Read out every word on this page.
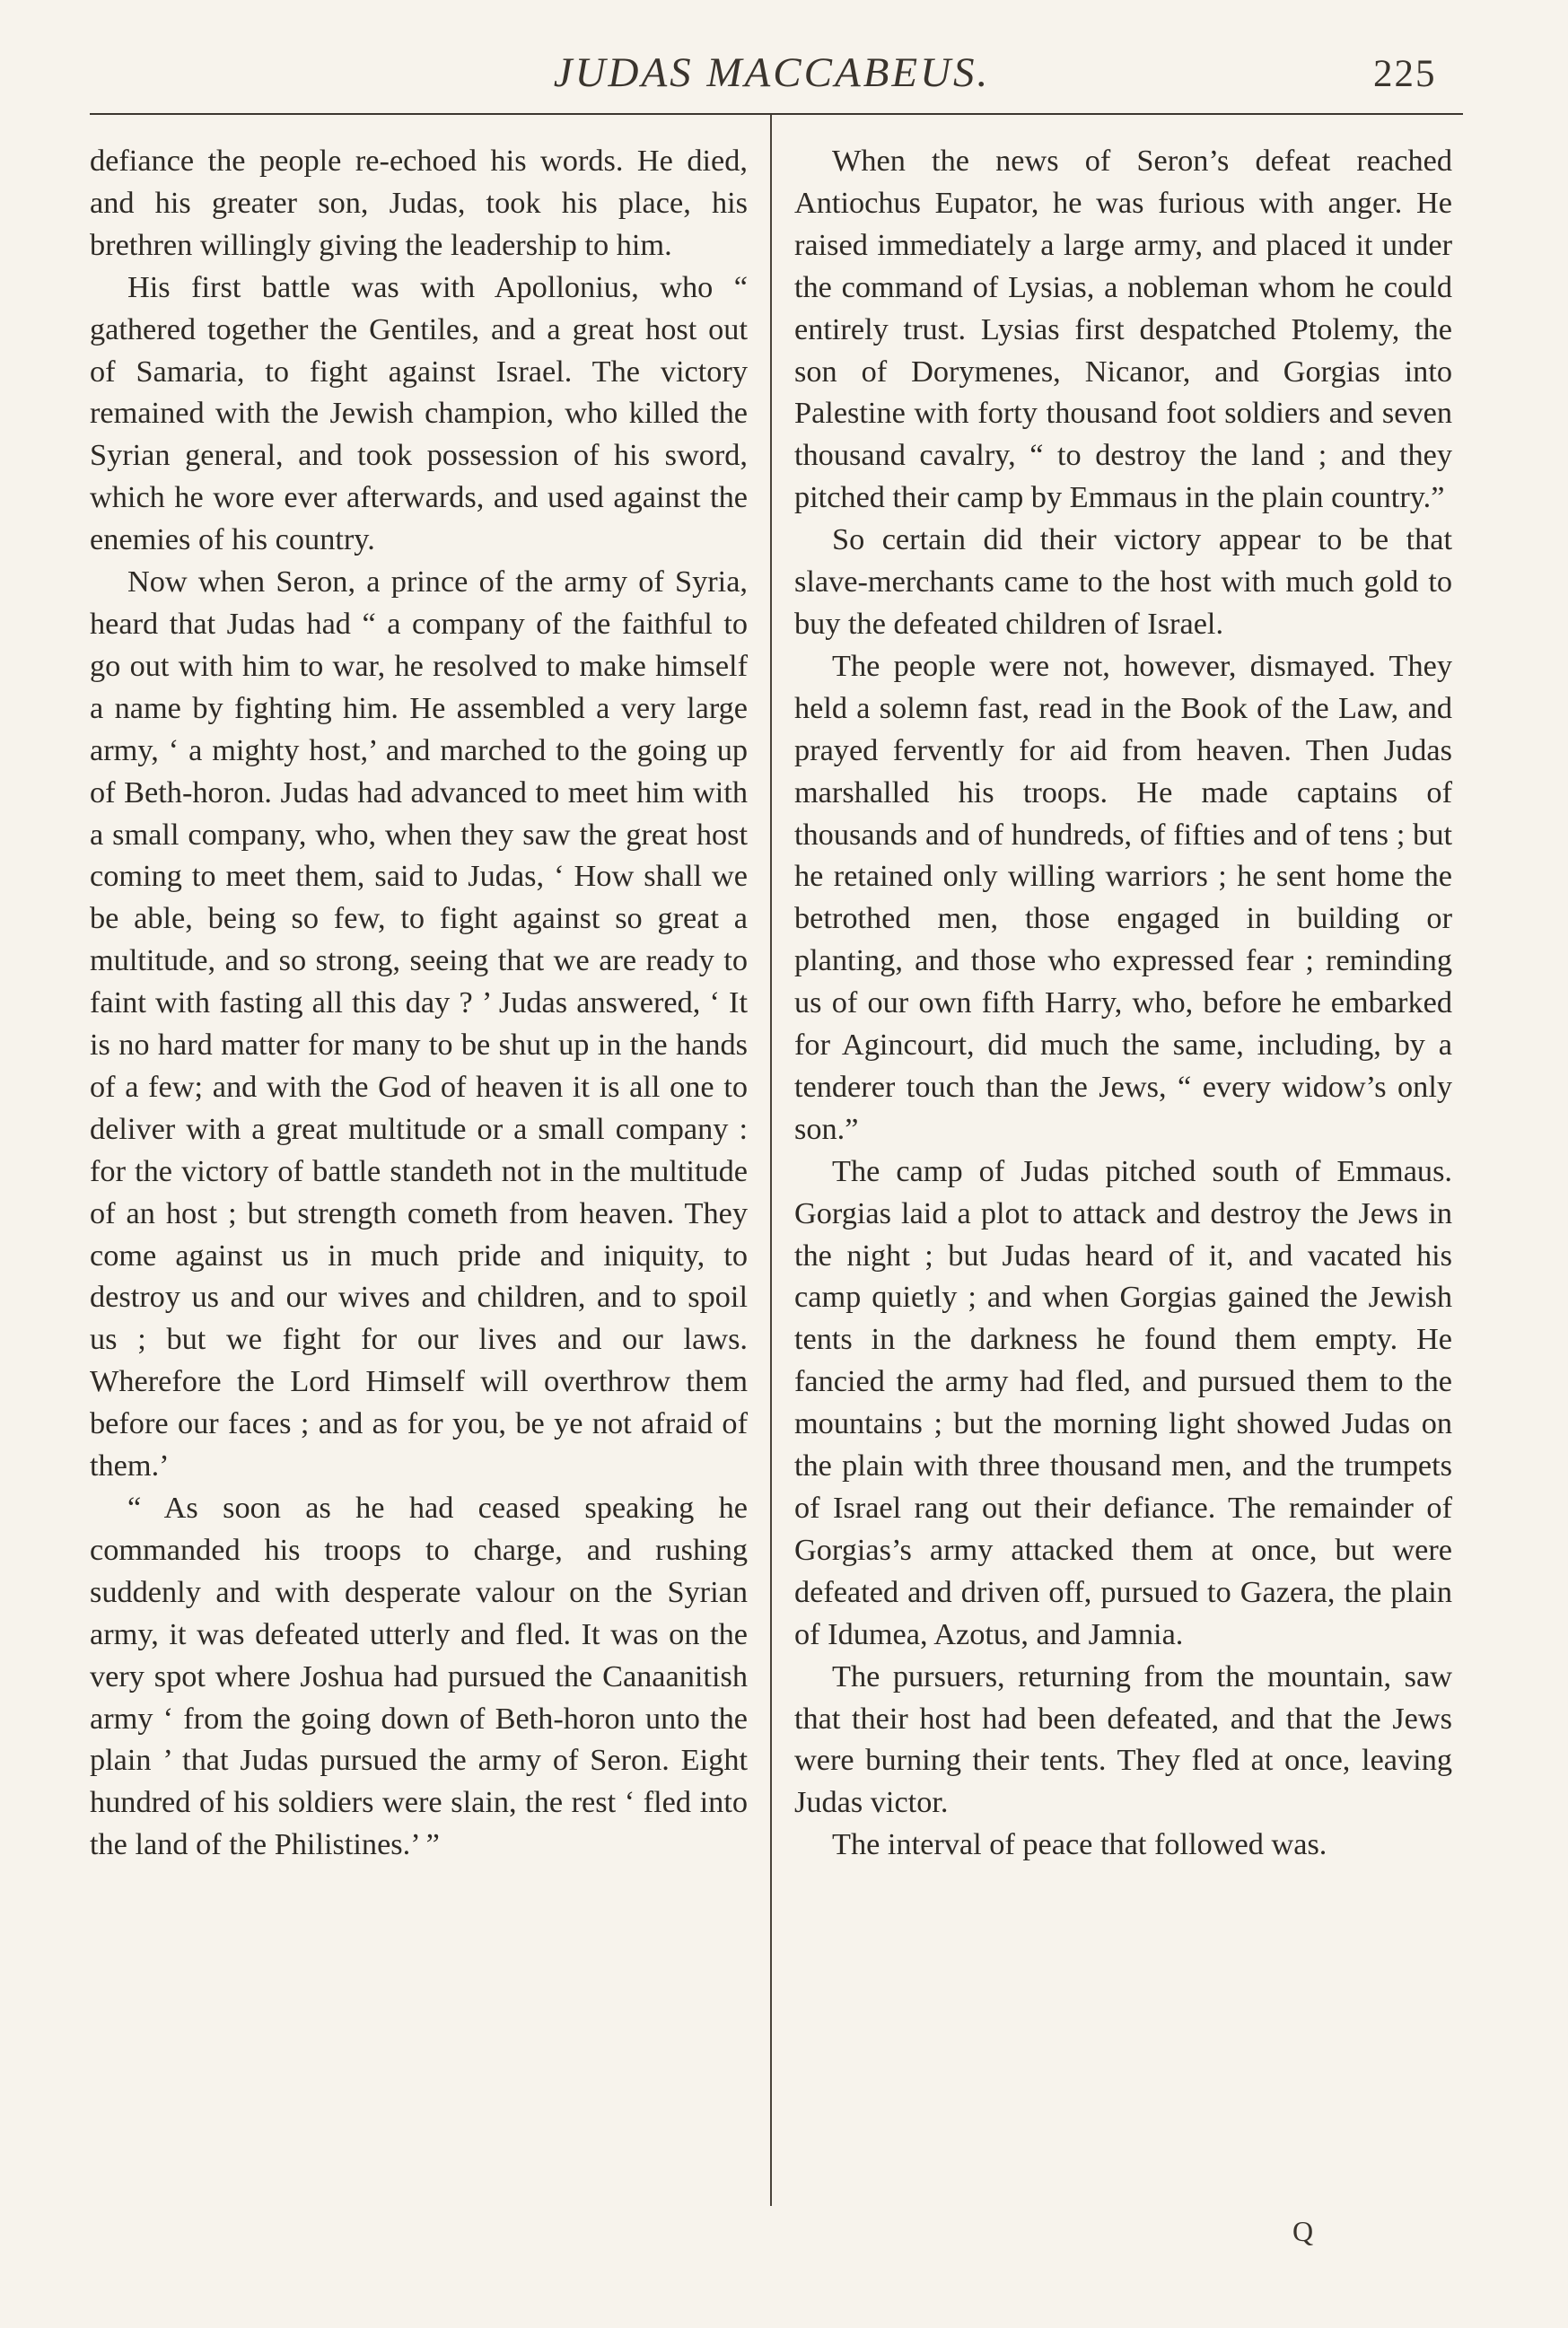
JUDAS MACCABEUS.	225

defiance the people re-echoed his words. He died, and his greater son, Judas, took his place, his brethren willingly giving the leadership to him.

His first battle was with Apollonius, who “ gathered together the Gentiles, and a great host out of Samaria, to fight against Israel. The victory remained with the Jewish champion, who killed the Syrian general, and took possession of his sword, which he wore ever afterwards, and used against the enemies of his country.

Now when Seron, a prince of the army of Syria, heard that Judas had “ a company of the faithful to go out with him to war, he resolved to make himself a name by fighting him. He assembled a very large army, ‘ a mighty host,’ and marched to the going up of Beth-horon. Judas had advanced to meet him with a small company, who, when they saw the great host coming to meet them, said to Judas, ‘ How shall we be able, being so few, to fight against so great a multitude, and so strong, seeing that we are ready to faint with fasting all this day ? ’ Judas answered, ‘ It is no hard matter for many to be shut up in the hands of a few; and with the God of heaven it is all one to deliver with a great multitude or a small company : for the victory of battle standeth not in the multitude of an host ; but strength cometh from heaven. They come against us in much pride and iniquity, to destroy us and our wives and children, and to spoil us ; but we fight for our lives and our laws. Wherefore the Lord Himself will overthrow them before our faces ; and as for you, be ye not afraid of them.’

“ As soon as he had ceased speaking he commanded his troops to charge, and rushing suddenly and with desperate valour on the Syrian army, it was defeated utterly and fled. It was on the very spot where Joshua had pursued the Canaanitish army ‘ from the going down of Beth-horon unto the plain ’ that Judas pursued the army of Seron. Eight hundred of his soldiers were slain, the rest ‘ fled into the land of the Philistines.’ ”

When the news of Seron’s defeat reached Antiochus Eupator, he was furious with anger. He raised immediately a large army, and placed it under the command of Lysias, a nobleman whom he could entirely trust. Lysias first despatched Ptolemy, the son of Dorymenes, Nicanor, and Gorgias into Palestine with forty thousand foot soldiers and seven thousand cavalry, “ to destroy the land ; and they pitched their camp by Emmaus in the plain country.”

So certain did their victory appear to be that slave-merchants came to the host with much gold to buy the defeated children of Israel.

The people were not, however, dismayed. They held a solemn fast, read in the Book of the Law, and prayed fervently for aid from heaven. Then Judas marshalled his troops. He made captains of thousands and of hundreds, of fifties and of tens ; but he retained only willing warriors ; he sent home the betrothed men, those engaged in building or planting, and those who expressed fear ; reminding us of our own fifth Harry, who, before he embarked for Agincourt, did much the same, including, by a tenderer touch than the Jews, “ every widow’s only son.”

The camp of Judas pitched south of Emmaus. Gorgias laid a plot to attack and destroy the Jews in the night ; but Judas heard of it, and vacated his camp quietly ; and when Gorgias gained the Jewish tents in the darkness he found them empty. He fancied the army had fled, and pursued them to the mountains ; but the morning light showed Judas on the plain with three thousand men, and the trumpets of Israel rang out their defiance. The remainder of Gorgias’s army attacked them at once, but were defeated and driven off, pursued to Gazera, the plain of Idumea, Azotus, and Jamnia.

The pursuers, returning from the mountain, saw that their host had been defeated, and that the Jews were burning their tents. They fled at once, leaving Judas victor.

The interval of peace that followed was.

Q
